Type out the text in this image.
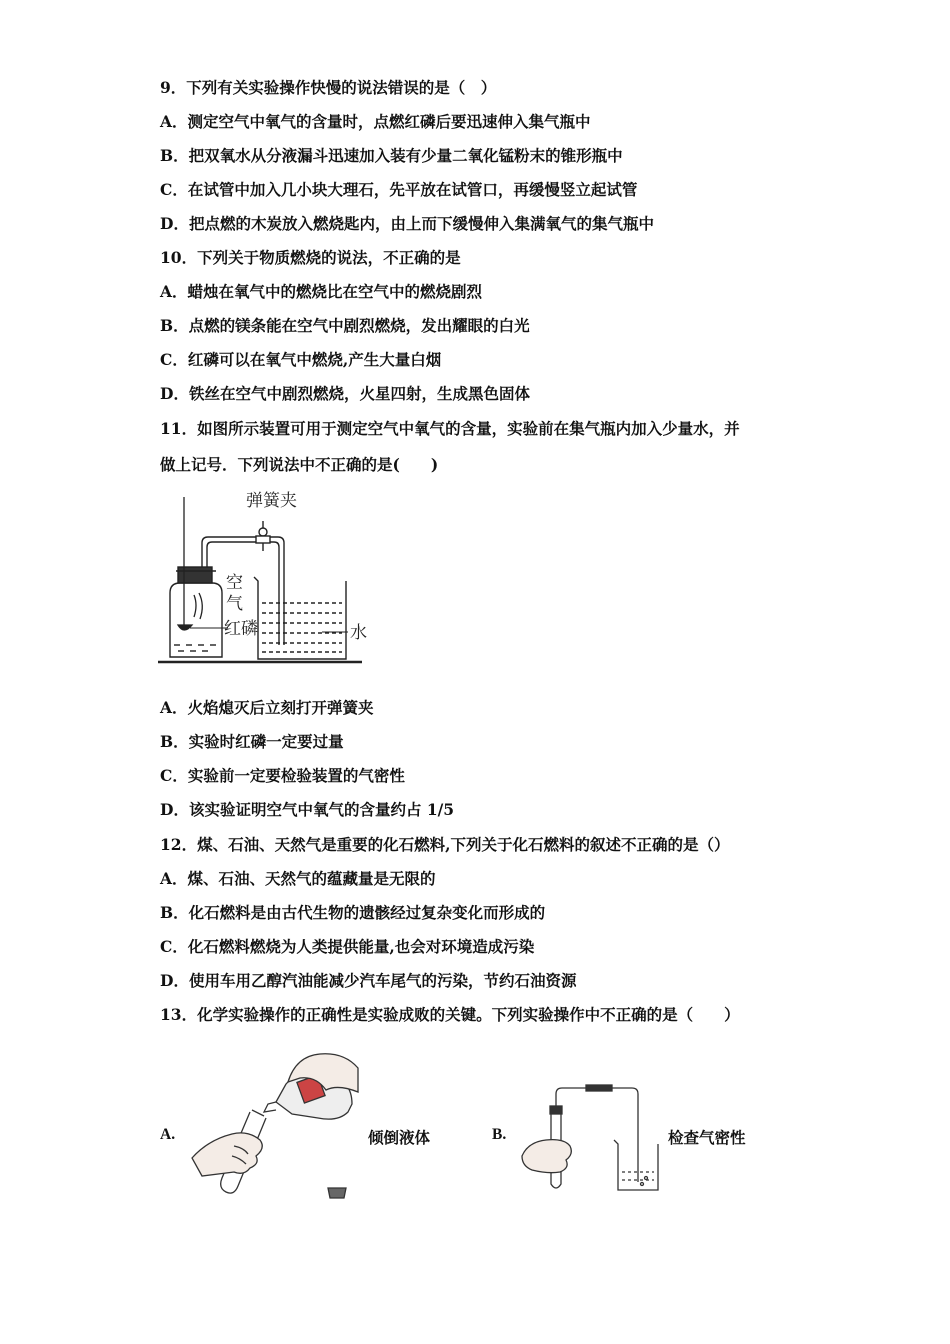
9．下列有关实验操作快慢的说法错误的是（　）
A．测定空气中氧气的含量时，点燃红磷后要迅速伸入集气瓶中
B．把双氧水从分液漏斗迅速加入装有少量二氧化锰粉末的锥形瓶中
C．在试管中加入几小块大理石，先平放在试管口，再缓慢竖立起试管
D．把点燃的木炭放入燃烧匙内，由上而下缓慢伸入集满氧气的集气瓶中
10．下列关于物质燃烧的说法，不正确的是
A．蜡烛在氧气中的燃烧比在空气中的燃烧剧烈
B．点燃的镁条能在空气中剧烈燃烧，发出耀眼的白光
C．红磷可以在氧气中燃烧,产生大量白烟
D．铁丝在空气中剧烈燃烧，火星四射，生成黑色固体
11．如图所示装置可用于测定空气中氧气的含量，实验前在集气瓶内加入少量水，并
做上记号．下列说法中不正确的是(　　)
弹簧夹
空
气
红磷	水
A．火焰熄灭后立刻打开弹簧夹
B．实验时红磷一定要过量
C．实验前一定要检验装置的气密性
D．该实验证明空气中氧气的含量约占 1/5
12．煤、石油、天然气是重要的化石燃料,下列关于化石燃料的叙述不正确的是（）
A．煤、石油、天然气的蕴藏量是无限的
B．化石燃料是由古代生物的遗骸经过复杂变化而形成的
C．化石燃料燃烧为人类提供能量,也会对环境造成污染
D．使用车用乙醇汽油能减少汽车尾气的污染，节约石油资源
13．化学实验操作的正确性是实验成败的关键。下列实验操作中不正确的是（　　）
A.	倾倒液体	B.	检查气密性
